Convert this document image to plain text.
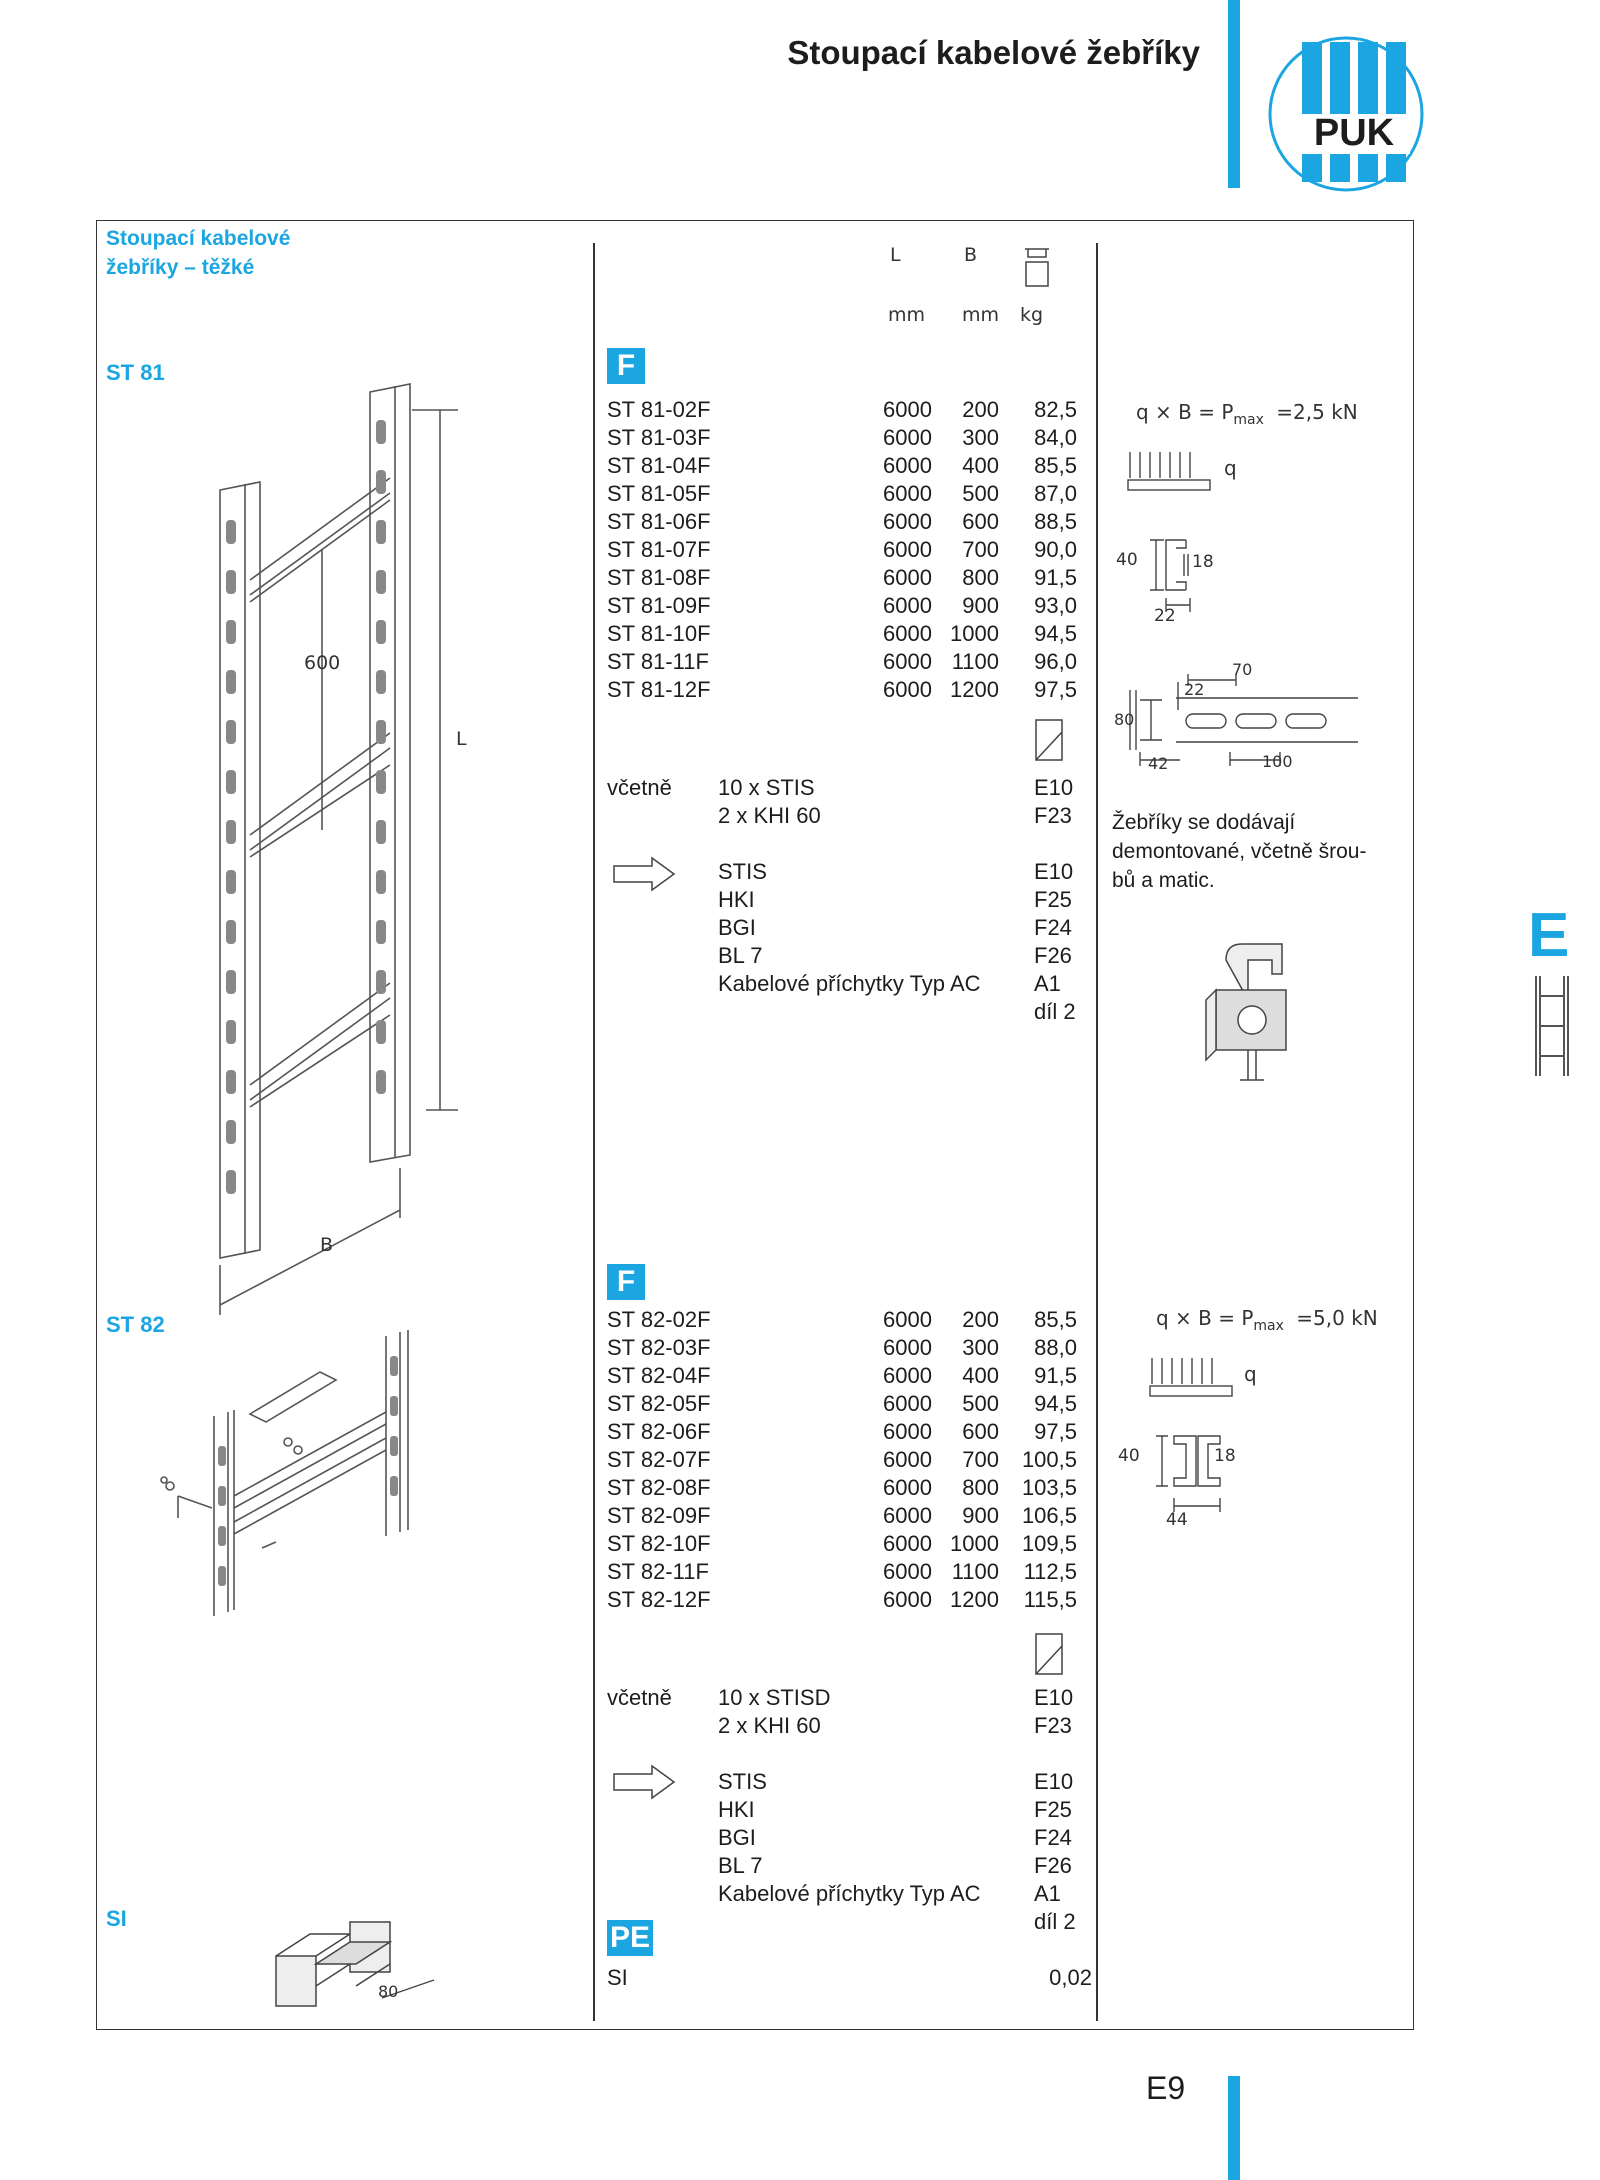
Stoupací kabelové žebříky
PUK
Stoupací kabelové
žebříky – těžké
L	B
mm mm kg
ST 81	F
ST 81-02F	6000	200	82,5
ST 81-03F	6000	300	84,0
ST 81-04F	6000	400	85,5
ST 81-05F	6000	500	87,0
ST 81-06F	6000	600	88,5
ST 81-07F	6000	700	90,0
ST 81-08F	6000	800	91,5
ST 81-09F	6000	900	93,0
ST 81-10F	6000 1000	94,5
ST 81-11F	6000 1100	96,0
ST 81-12F	6000 1200	97,5
včetně 10 x STIS	E10
2 x KHI 60	F23
STIS	E10
HKI	F25
BGI	F24
BL 7	F26
Kabelové příchytky Typ AC A1
díl 2
600
L
B
$q \times B = P_{max} =2,5$ kN
q
40	18
22
80
42
22
70
100
Žebříky se dodávají
demontované, včetně šrou-
bů a matic.
ST 82
F
ST 82-02F	6000	200	85,5
ST 82-03F	6000	300	88,0
ST 82-04F	6000	400	91,5
ST 82-05F	6000	500	94,5
ST 82-06F	6000	600	97,5
ST 82-07F	6000	700	100,5
ST 82-08F	6000	800	103,5
ST 82-09F	6000	900	106,5
ST 82-10F	6000 1000	109,5
ST 82-11F	6000 1100	112,5
ST 82-12F	6000 1200	115,5
včetně 10 x STISD	E10
2 x KHI 60	F23
STIS	E10
HKI	F25
BGI	F24
BL 7	F26
Kabelové příchytky Typ AC A1
díl 2
$q \times B = P_{max} =5,0$ kN
q
40	18
44
SI
PE
SI	0,02
80
E
E9
